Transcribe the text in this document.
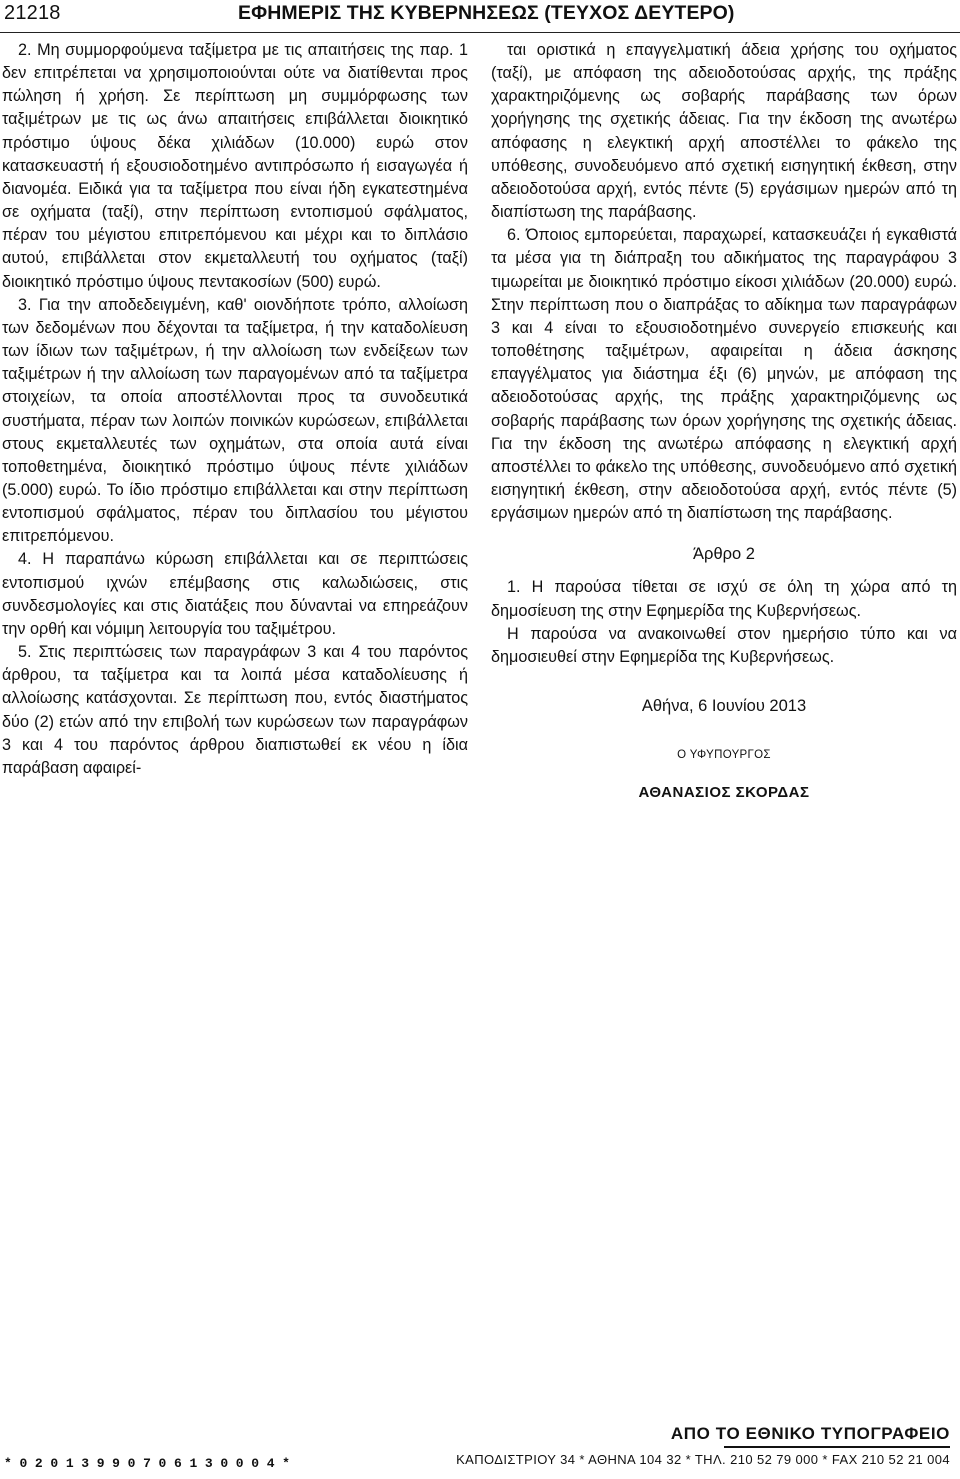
21218	ΕΦΗΜΕΡΙΣ ΤΗΣ ΚΥΒΕΡΝΗΣΕΩΣ (ΤΕΥΧΟΣ ΔΕΥΤΕΡΟ)

2. Μη συμμορφούμενα ταξίμετρα με τις απαιτήσεις της παρ. 1 δεν επιτρέπεται να χρησιμοποιούνται ούτε να διατίθενται προς πώληση ή χρήση. Σε περίπτωση μη συμμόρφωσης των ταξιμέτρων με τις ως άνω απαιτήσεις επιβάλλεται διοικητικό πρόστιμο ύψους δέκα χιλιάδων (10.000) ευρώ στον κατασκευαστή ή εξουσιοδοτημένο αντιπρόσωπο ή εισαγωγέα ή διανομέα. Ειδικά για τα ταξίμετρα που είναι ήδη εγκατεστημένα σε οχήματα (ταξί), στην περίπτωση εντοπισμού σφάλματος, πέραν του μέγιστου επιτρεπόμενου και μέχρι και το διπλάσιο αυτού, επιβάλλεται στον εκμεταλλευτή του οχήματος (ταξί) διοικητικό πρόστιμο ύψους πεντακοσίων (500) ευρώ.

3. Για την αποδεδειγμένη, καθ' οιονδήποτε τρόπο, αλλοίωση των δεδομένων που δέχονται τα ταξίμετρα, ή την καταδολίευση των ίδιων των ταξιμέτρων, ή την αλλοίωση των ενδείξεων των ταξιμέτρων ή την αλλοίωση των παραγομένων από τα ταξίμετρα στοιχείων, τα οποία αποστέλλονται προς τα συνοδευτικά συστήματα, πέραν των λοιπών ποινικών κυρώσεων, επιβάλλεται στους εκμεταλλευτές των οχημάτων, στα οποία αυτά είναι τοποθετημένα, διοικητικό πρόστιμο ύψους πέντε χιλιάδων (5.000) ευρώ. Το ίδιο πρόστιμο επιβάλλεται και στην περίπτωση εντοπισμού σφάλματος, πέραν του διπλασίου του μέγιστου επιτρεπόμενου.

4. Η παραπάνω κύρωση επιβάλλεται και σε περιπτώσεις εντοπισμού ιχνών επέμβασης στις καλωδιώσεις, στις συνδεσμολογίες και στις διατάξεις που δύναντai να επηρεάζουν την ορθή και νόμιμη λειτουργία του ταξιμέτρου.

5. Στις περιπτώσεις των παραγράφων 3 και 4 του παρόντος άρθρου, τα ταξίμετρα και τα λοιπά μέσα καταδολίευσης ή αλλοίωσης κατάσχονται. Σε περίπτωση που, εντός διαστήματος δύο (2) ετών από την επιβολή των κυρώσεων των παραγράφων 3 και 4 του παρόντος άρθρου διαπιστωθεί εκ νέου η ίδια παράβαση αφαιρεί-

ται οριστικά η επαγγελματική άδεια χρήσης του οχήματος (ταξί), με απόφαση της αδειοδοτούσας αρχής, της πράξης χαρακτηριζόμενης ως σοβαρής παράβασης των όρων χορήγησης της σχετικής άδειας. Για την έκδοση της ανωτέρω απόφασης η ελεγκτική αρχή αποστέλλει το φάκελο της υπόθεσης, συνοδευόμενο από σχετική εισηγητική έκθεση, στην αδειοδοτούσα αρχή, εντός πέντε (5) εργάσιμων ημερών από τη διαπίστωση της παράβασης.

6. Όποιος εμπορεύεται, παραχωρεί, κατασκευάζει ή εγκαθιστά τα μέσα για τη διάπραξη του αδικήματος της παραγράφου 3 τιμωρείται με διοικητικό πρόστιμο είκοσι χιλιάδων (20.000) ευρώ. Στην περίπτωση που ο διαπράξας το αδίκημα των παραγράφων 3 και 4 είναι το εξουσιοδοτημένο συνεργείο επισκευής και τοποθέτησης ταξιμέτρων, αφαιρείται η άδεια άσκησης επαγγέλματος για διάστημα έξι (6) μηνών, με απόφαση της αδειοδοτούσας αρχής, της πράξης χαρακτηριζόμενης ως σοβαρής παράβασης των όρων χορήγησης της σχετικής άδειας. Για την έκδοση της ανωτέρω απόφασης η ελεγκτική αρχή αποστέλλει το φάκελο της υπόθεσης, συνοδευόμενο από σχετική εισηγητική έκθεση, στην αδειοδοτούσα αρχή, εντός πέντε (5) εργάσιμων ημερών από τη διαπίστωση της παράβασης.

Άρθρο 2

1. Η παρούσα τίθεται σε ισχύ σε όλη τη χώρα από τη δημοσίευση της στην Εφημερίδα της Κυβερνήσεως.

Η παρούσα να ανακοινωθεί στον ημερήσιο τύπο και να δημοσιευθεί στην Εφημερίδα της Κυβερνήσεως.

Αθήνα, 6 Ιουνίου 2013
Ο ΥΦΥΠΟΥΡΓΟΣ
ΑΘΑΝΑΣΙΟΣ ΣΚΟΡΔΑΣ
ΑΠΟ ΤΟ ΕΘΝΙΚΟ ΤΥΠΟΓΡΑΦΕΙΟ
ΚΑΠΟΔΙΣΤΡΙΟΥ 34 * ΑΘΗΝΑ 104 32 * ΤΗΛ. 210 52 79 000 * FAX 210 52 21 004
* 0 2 0 1 3 9 9 0 7 0 6 1 3 0 0 0 4 *
